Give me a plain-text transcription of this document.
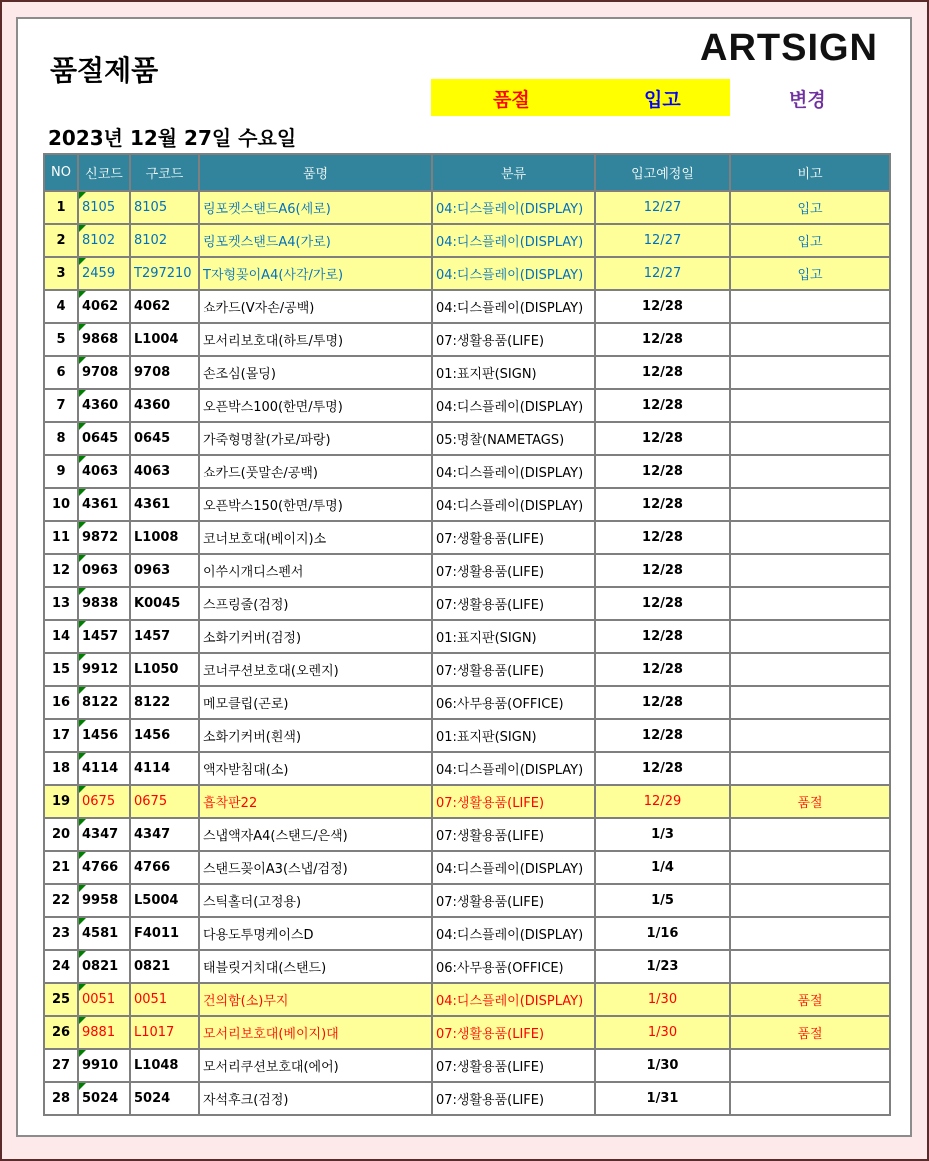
품절제품
ARTSIGN
품절	입고	변경
2023년 12월 27일 수요일
NO	신코드	구코드	품명	분류	입고예정일	비고
1	8105	8105	링포켓스탠드A6(세로)	04:디스플레이(DISPLAY)	12/27	입고
2	8102	8102	링포켓스탠드A4(가로)	04:디스플레이(DISPLAY)	12/27	입고
3	2459	T297210	T자형꽂이A4(사각/가로)	04:디스플레이(DISPLAY)	12/27	입고
4	4062	4062	쇼카드(V자손/공백)	04:디스플레이(DISPLAY)	12/28	
5	9868	L1004	모서리보호대(하트/투명)	07:생활용품(LIFE)	12/28	
6	9708	9708	손조심(몰딩)	01:표지판(SIGN)	12/28	
7	4360	4360	오픈박스100(한면/투명)	04:디스플레이(DISPLAY)	12/28	
8	0645	0645	가죽형명찰(가로/파랑)	05:명찰(NAMETAGS)	12/28	
9	4063	4063	쇼카드(풋말손/공백)	04:디스플레이(DISPLAY)	12/28	
10	4361	4361	오픈박스150(한면/투명)	04:디스플레이(DISPLAY)	12/28	
11	9872	L1008	코너보호대(베이지)소	07:생활용품(LIFE)	12/28	
12	0963	0963	이쑤시개디스펜서	07:생활용품(LIFE)	12/28	
13	9838	K0045	스프링줄(검정)	07:생활용품(LIFE)	12/28	
14	1457	1457	소화기커버(검정)	01:표지판(SIGN)	12/28	
15	9912	L1050	코너쿠션보호대(오렌지)	07:생활용품(LIFE)	12/28	
16	8122	8122	메모클립(곤로)	06:사무용품(OFFICE)	12/28	
17	1456	1456	소화기커버(흰색)	01:표지판(SIGN)	12/28	
18	4114	4114	액자받침대(소)	04:디스플레이(DISPLAY)	12/28	
19	0675	0675	흡착판22	07:생활용품(LIFE)	12/29	품절
20	4347	4347	스냅액자A4(스탠드/은색)	07:생활용품(LIFE)	1/3	
21	4766	4766	스탠드꽂이A3(스냅/검정)	04:디스플레이(DISPLAY)	1/4	
22	9958	L5004	스틱홀더(고정용)	07:생활용품(LIFE)	1/5	
23	4581	F4011	다용도투명케이스D	04:디스플레이(DISPLAY)	1/16	
24	0821	0821	태블릿거치대(스탠드)	06:사무용품(OFFICE)	1/23	
25	0051	0051	건의함(소)무지	04:디스플레이(DISPLAY)	1/30	품절
26	9881	L1017	모서리보호대(베이지)대	07:생활용품(LIFE)	1/30	품절
27	9910	L1048	모서리쿠션보호대(에어)	07:생활용품(LIFE)	1/30	
28	5024	5024	자석후크(검정)	07:생활용품(LIFE)	1/31	
